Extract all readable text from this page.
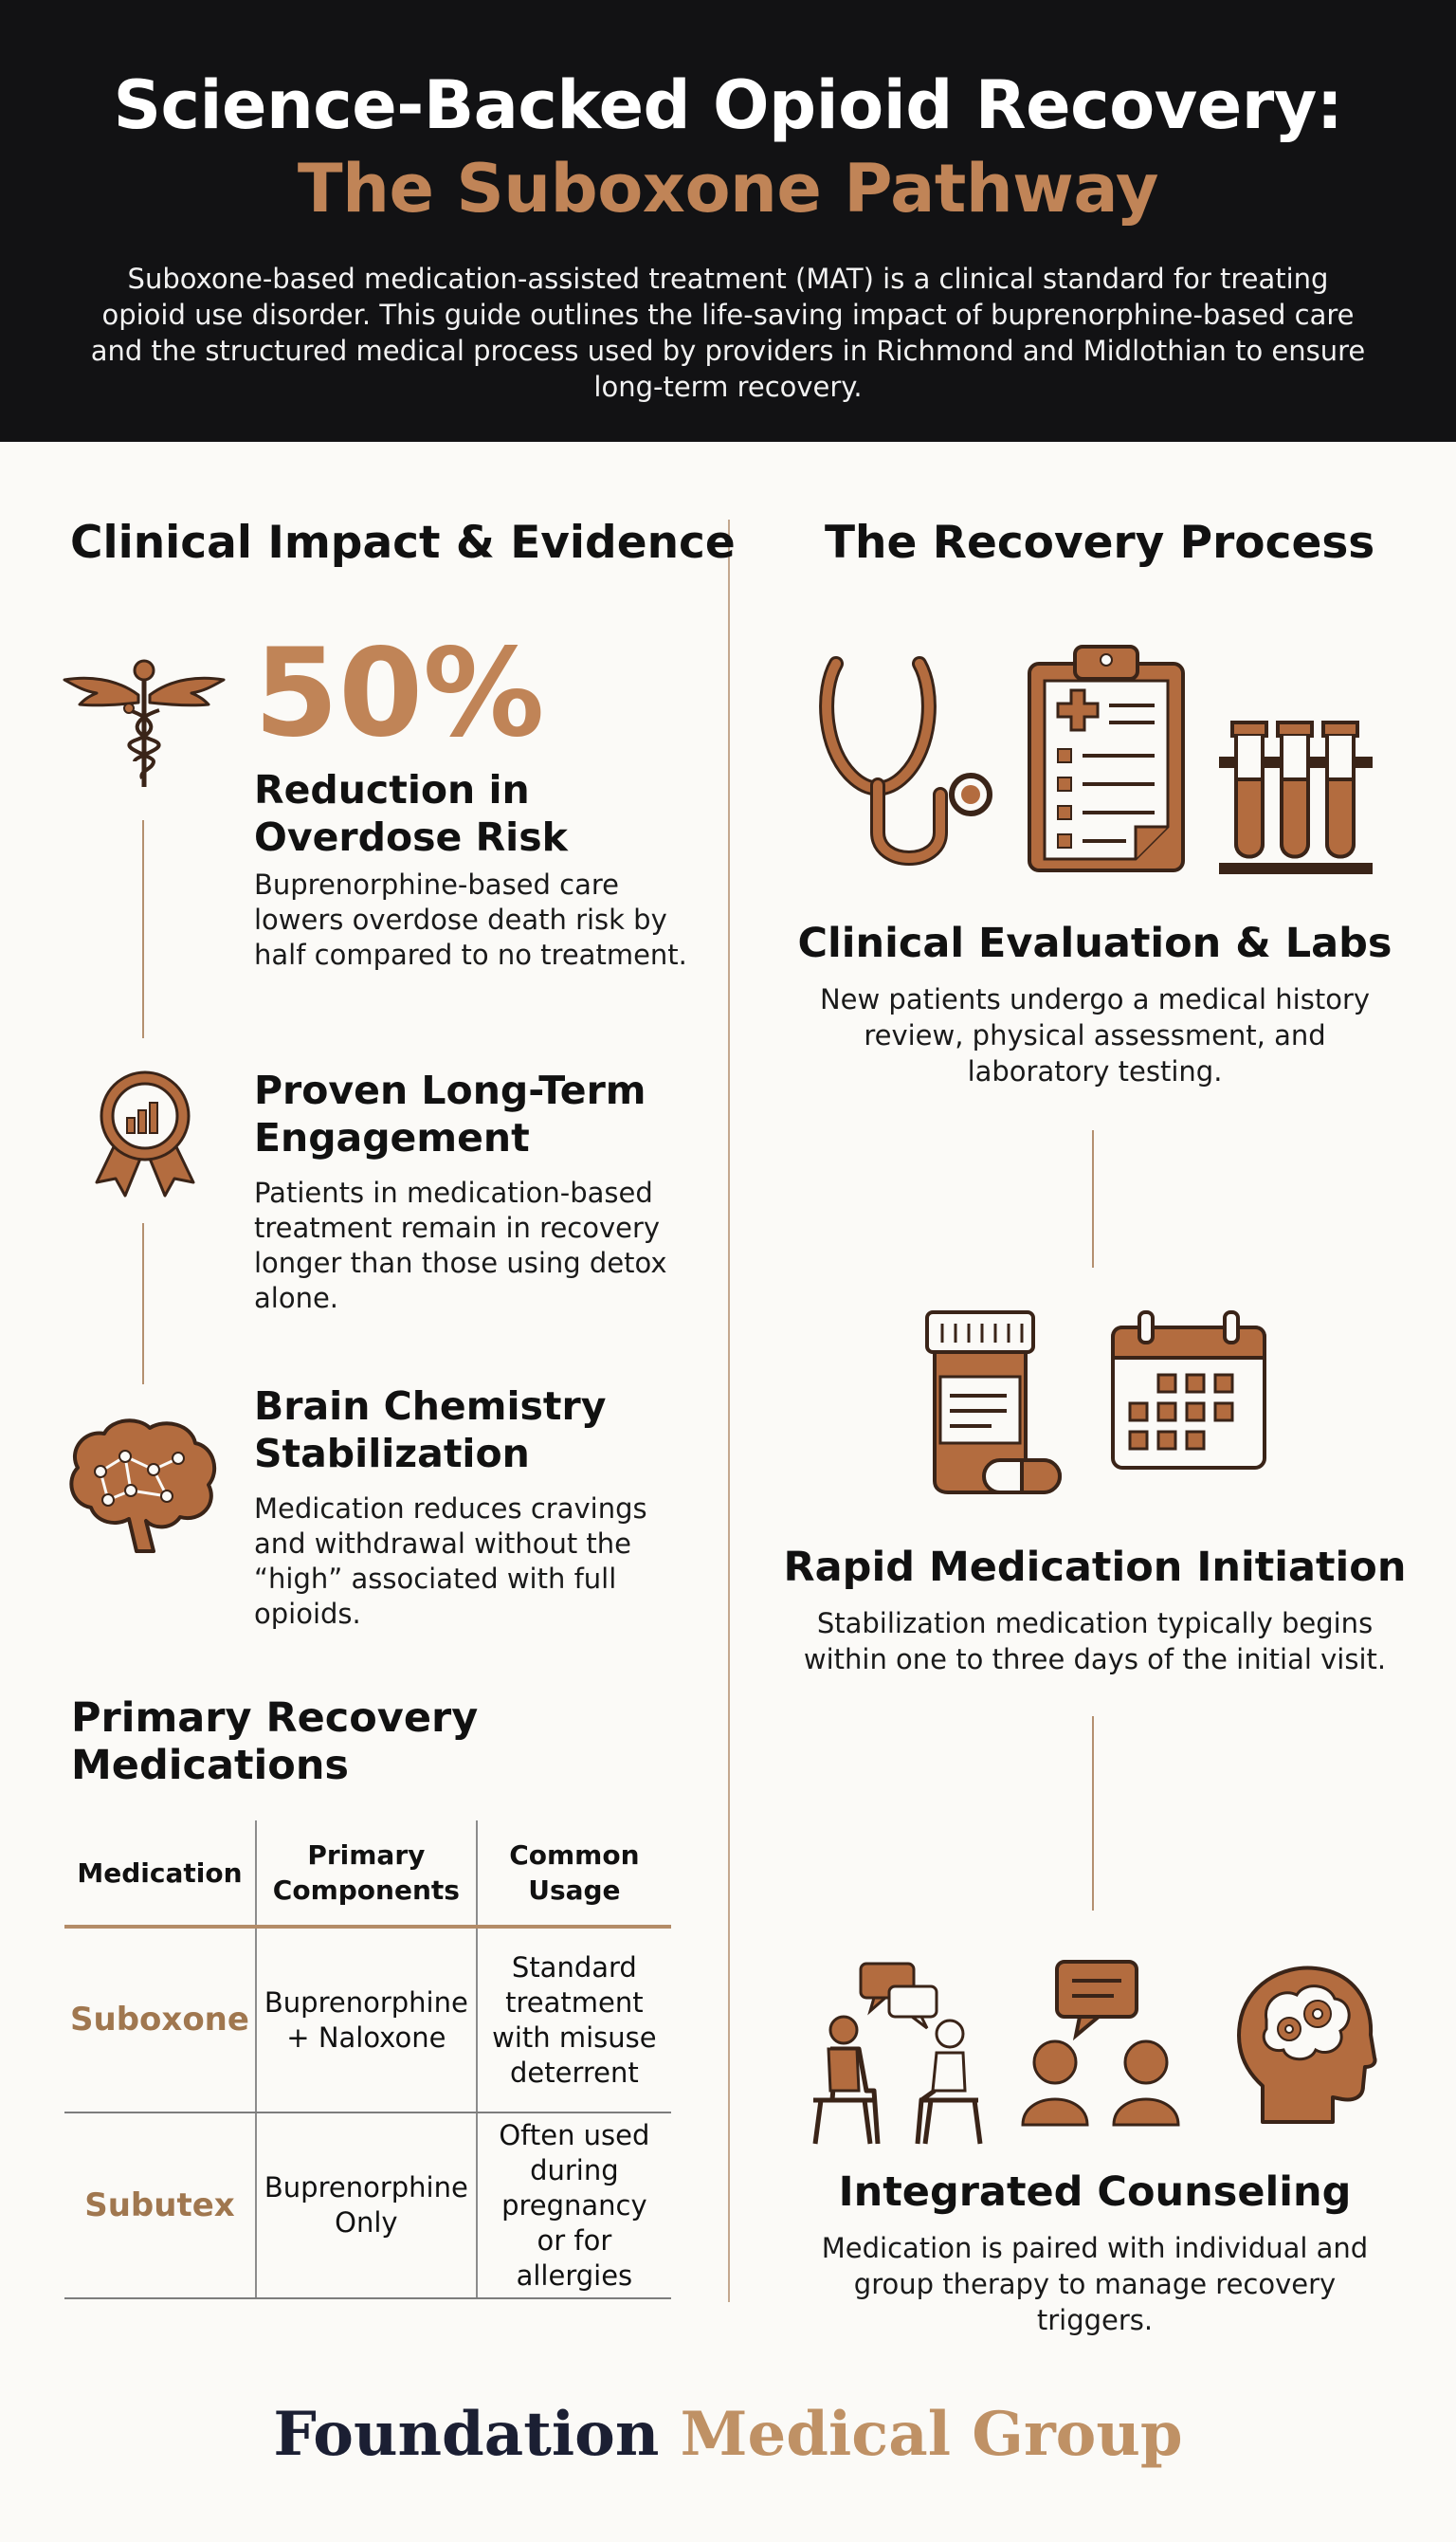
Science-Backed Opioid Recovery:
The Suboxone Pathway
Suboxone-based medication-assisted treatment (MAT) is a clinical standard for treating opioid use disorder. This guide outlines the life-saving impact of buprenorphine-based care and the structured medical process used by providers in Richmond and Midlothian to ensure long-term recovery.
Clinical Impact & Evidence
50%
Reduction in Overdose Risk
Buprenorphine-based care lowers overdose death risk by half compared to no treatment.
Proven Long-Term Engagement
Patients in medication-based treatment remain in recovery longer than those using detox alone.
Brain Chemistry Stabilization
Medication reduces cravings and withdrawal without the “high” associated with full opioids.
Primary Recovery Medications
Medication	Primary Components	Common Usage
Suboxone	Buprenorphine + Naloxone	Standard treatment with misuse deterrent
Subutex	Buprenorphine Only	Often used during pregnancy or for allergies
The Recovery Process
Clinical Evaluation & Labs
New patients undergo a medical history review, physical assessment, and laboratory testing.
Rapid Medication Initiation
Stabilization medication typically begins within one to three days of the initial visit.
Integrated Counseling
Medication is paired with individual and group therapy to manage recovery triggers.
Foundation Medical Group
